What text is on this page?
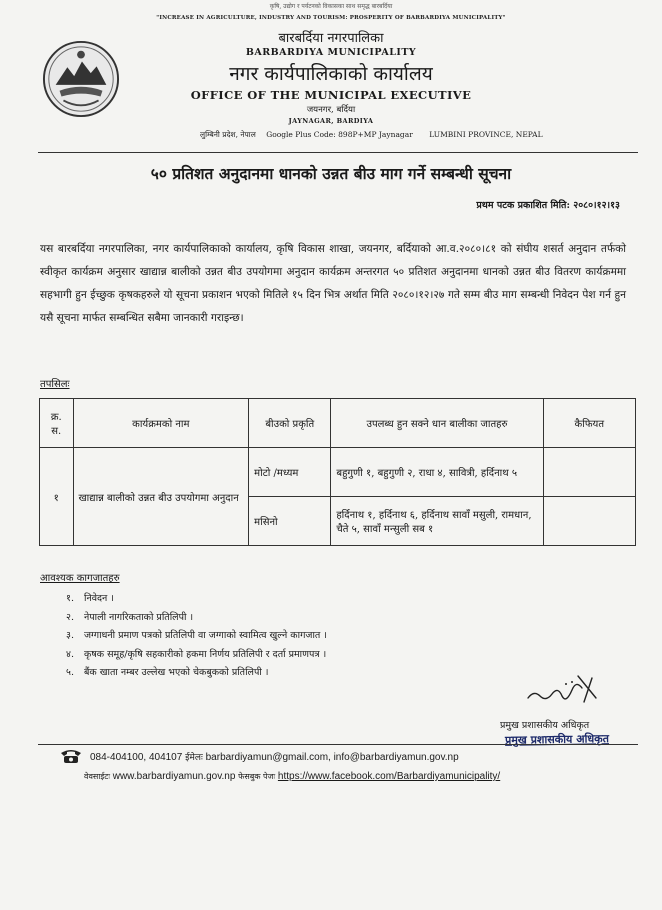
कृषि, उद्योग र पर्यटनको विकासका साथ समृद्ध बारबर्दिया
"INCREASE IN AGRICULTURE, INDUSTRY AND TOURISM: PROSPERITY OF BARBARDIYA MUNICIPALITY"
बारबर्दिया नगरपालिका
BARBARDIYA MUNICIPALITY
नगर कार्यपालिकाको कार्यालय
OFFICE OF THE MUNICIPAL EXECUTIVE
जयनगर, बर्दिया
JAYNAGAR, BARDIYA
लुम्बिनी प्रदेश, नेपाल Google Plus Code: 898P+MP Jaynagar LUMBINI PROVINCE, NEPAL
५० प्रतिशत अनुदानमा धानको उन्नत बीउ माग गर्ने सम्बन्धी सूचना
प्रथम पटक प्रकाशित मिति: २०८०।१२।१३
यस बारबर्दिया नगरपालिका, नगर कार्यपालिकाको कार्यालय, कृषि विकास शाखा, जयनगर, बर्दियाको आ.व.२०८०।८१ को संघीय शसर्त अनुदान तर्फको स्वीकृत कार्यक्रम अनुसार खाद्यान्न बालीको उन्नत बीउ उपयोगमा अनुदान कार्यक्रम अन्तरगत ५० प्रतिशत अनुदानमा धानको उन्नत बीउ वितरण कार्यक्रममा सहभागी हुन ईच्छुक कृषकहरुले यो सूचना प्रकाशन भएको मितिले १५ दिन भित्र अर्थात मिति २०८०।१२।२७ गते सम्म बीउ माग सम्बन्धी निवेदन पेश गर्न हुन यसै सूचना मार्फत सम्बन्धित सबैमा जानकारी गराइन्छ।
तपसिलः
क्र. स.	कार्यक्रमको नाम	बीउको प्रकृति	उपलब्ध हुन सक्ने धान बालीका जातहरु	कैफियत
१	खाद्यान्न बालीको उन्नत बीउ उपयोगमा अनुदान	मोटो /मध्यम	बहुगुणी १, बहुगुणी २, राधा ४, सावित्री, हर्दिनाथ ५	
		मसिनो	हर्दिनाथ १, हर्दिनाथ ६, हर्दिनाथ सावाँ मसुली, रामधान, चैते ५, सावाँ मन्सुली सब १	
आवश्यक कागजातहरु
१. निवेदन ।
२. नेपाली नागरिकताको प्रतिलिपी ।
३. जग्गाधनी प्रमाण पत्रको प्रतिलिपी वा जग्गाको स्वामित्व खुल्ने कागजात ।
४. कृषक समूह/कृषि सहकारीको हकमा निर्णय प्रतिलिपी र दर्ता प्रमाणपत्र ।
५. बैंक खाता नम्बर उल्लेख भएको चेकबुकको प्रतिलिपी ।
प्रमुख प्रशासकीय अधिकृत
प्रमुख प्रशासकीय अधिकृत
084-404100, 404107 ईमेलः barbardiyamun@gmail.com, info@barbardiyamun.gov.np
वेवसाईटः www.barbardiyamun.gov.np फेसबुक पेजः https://www.facebook.com/Barbardiyamunicipality/
